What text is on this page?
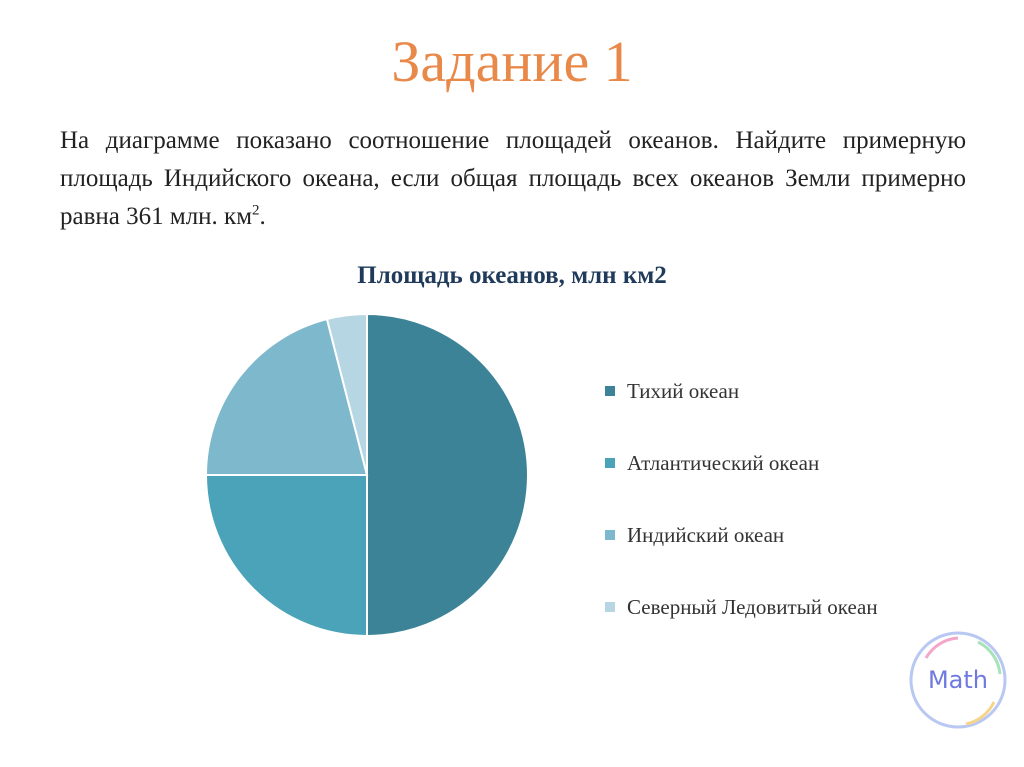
Задание 1
На диаграмме показано соотношение площадей океанов. Найдите примерную площадь Индийского океана, если общая площадь всех океанов Земли примерно равна 361 млн. $км^2$.
Площадь океанов, млн км2
Тихий океан
Атлантический океан
Индийский океан
Северный Ледовитый океан
Math
